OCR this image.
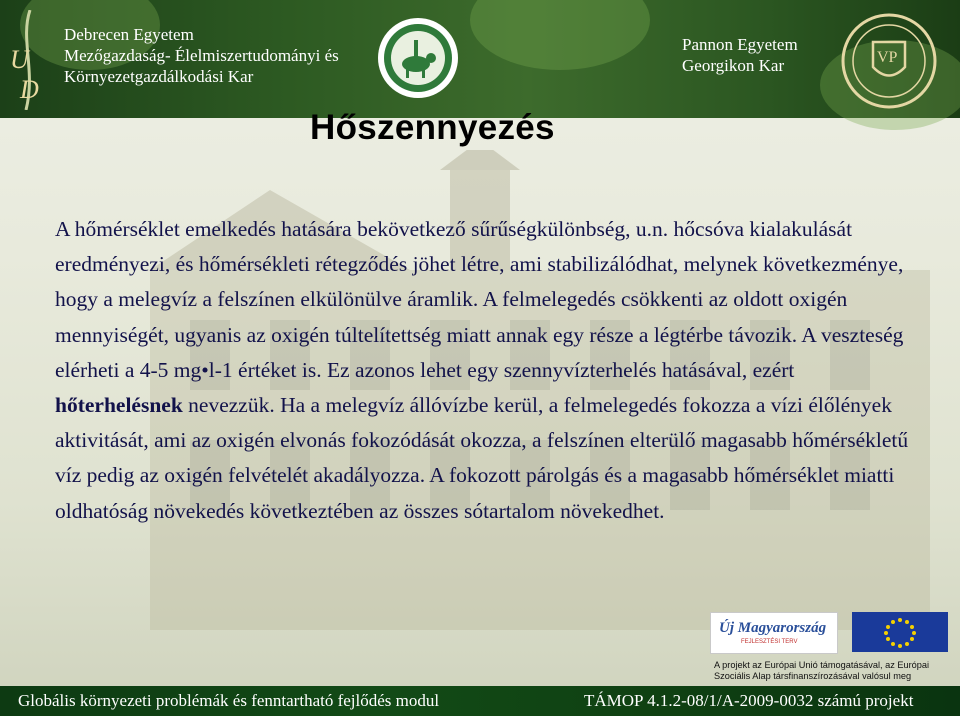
U
D
Debrecen Egyetem
Mezőgazdaság- Élelmiszertudományi és
Környezetgazdálkodási Kar
Pannon Egyetem
Georgikon Kar	VP
Hőszennyezés
A hőmérséklet emelkedés hatására bekövetkező sűrűségkülönbség, u.n. hőcsóva kialakulását eredményezi, és hőmérsékleti rétegződés jöhet létre, ami stabilizálódhat, melynek következménye, hogy a melegvíz a felszínen elkülönülve áramlik. A felmelegedés csökkenti az oldott oxigén mennyiségét, ugyanis az oxigén túltelítettség miatt annak egy része a légtérbe távozik. A veszteség elérheti a 4-5 mg•l-1 értéket is. Ez azonos lehet egy szennyvízterhelés hatásával, ezért hőterhelésnek nevezzük. Ha a melegvíz állóvízbe kerül, a felmelegedés fokozza a vízi élőlények aktivitását, ami az oxigén elvonás fokozódását okozza, a felszínen elterülő magasabb hőmérsékletű víz pedig az oxigén felvételét akadályozza. A fokozott párolgás és a magasabb hőmérséklet miatti oldhatóság növekedés következtében az összes sótartalom növekedhet.
Új Magyarország
FEJLESZTÉSI TERV
A projekt az Európai Unió támogatásával, az Európai
Szociális Alap társfinanszírozásával valósul meg
Globális környezeti problémák és fenntartható fejlődés modul	TÁMOP 4.1.2-08/1/A-2009-0032 számú projekt
